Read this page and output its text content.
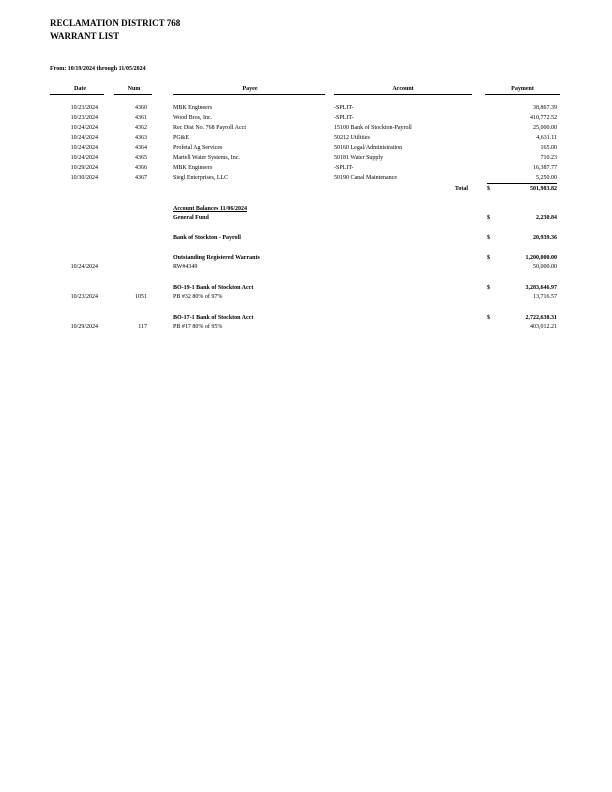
RECLAMATION DISTRICT 768
WARRANT LIST
From: 10/19/2024 through 11/05/2024
Date	Num	Payee	Account	Payment
10/23/2024	4360	MBK Engineers	-SPLIT-	38,867.39
10/23/2024	4361	Wood Bros, Inc.	-SPLIT-	410,772.52
10/24/2024	4362	Rec Dist No. 768 Payroll Acct	15100 Bank of Stockton-Payroll	25,000.00
10/24/2024	4363	PG&E	50212 Utilities	4,631.11
10/24/2024	4364	Profetal Ag Services	50160 Legal/Administration	165.00
10/24/2024	4365	Martell Water Systems, Inc.	50181 Water Supply	710.23
10/29/2024	4366	MBK Engineers	-SPLIT-	16,387.77
10/30/2024	4367	Siegl Enterprises, LLC	50190 Canal Maintenance	5,250.00
Total	$	501,983.82
Account Balances 11/06/2024
General Fund	$	2,230.84
Bank of Stockton - Payroll	$	20,939.36
Outstanding Registered Warrants	$	1,200,000.00
10/24/2024	RW#4349	50,000.00
BO-19-1 Bank of Stockton Acct	$	3,283,646.97
10/23/2024	1051	PB #32 80% of 97%	13,716.57
BO-17-1 Bank of Stockton Acct	$	2,722,638.31
10/29/2024	117	PB #17 80% of 95%	403,012.21
